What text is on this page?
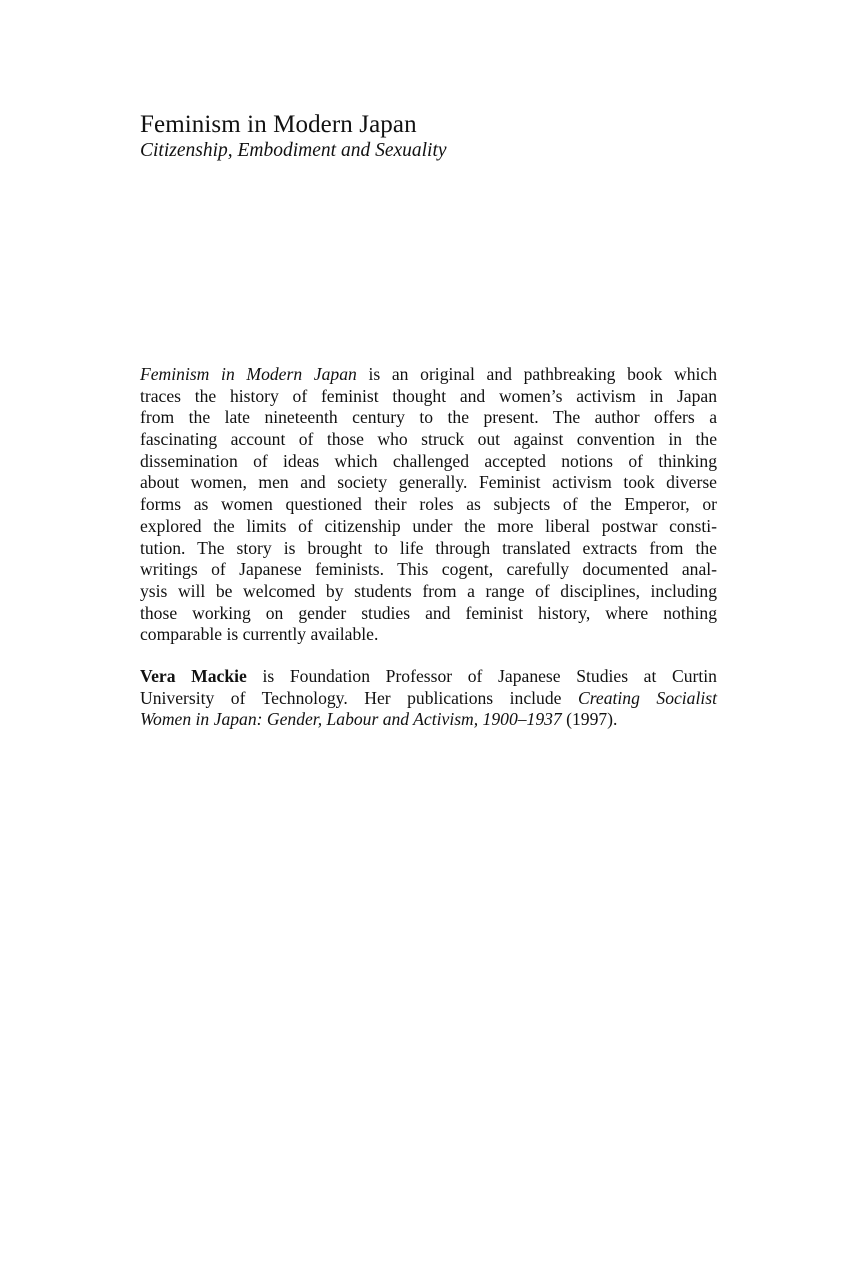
Feminism in Modern Japan
Citizenship, Embodiment and Sexuality
Feminism in Modern Japan is an original and pathbreaking book which
traces the history of feminist thought and women’s activism in Japan
from the late nineteenth century to the present. The author offers a
fascinating account of those who struck out against convention in the
dissemination of ideas which challenged accepted notions of thinking
about women, men and society generally. Feminist activism took diverse
forms as women questioned their roles as subjects of the Emperor, or
explored the limits of citizenship under the more liberal postwar consti-
tution. The story is brought to life through translated extracts from the
writings of Japanese feminists. This cogent, carefully documented anal-
ysis will be welcomed by students from a range of disciplines, including
those working on gender studies and feminist history, where nothing
comparable is currently available.
Vera Mackie is Foundation Professor of Japanese Studies at Curtin
University of Technology. Her publications include Creating Socialist
Women in Japan: Gender, Labour and Activism, 1900–1937 (1997).
